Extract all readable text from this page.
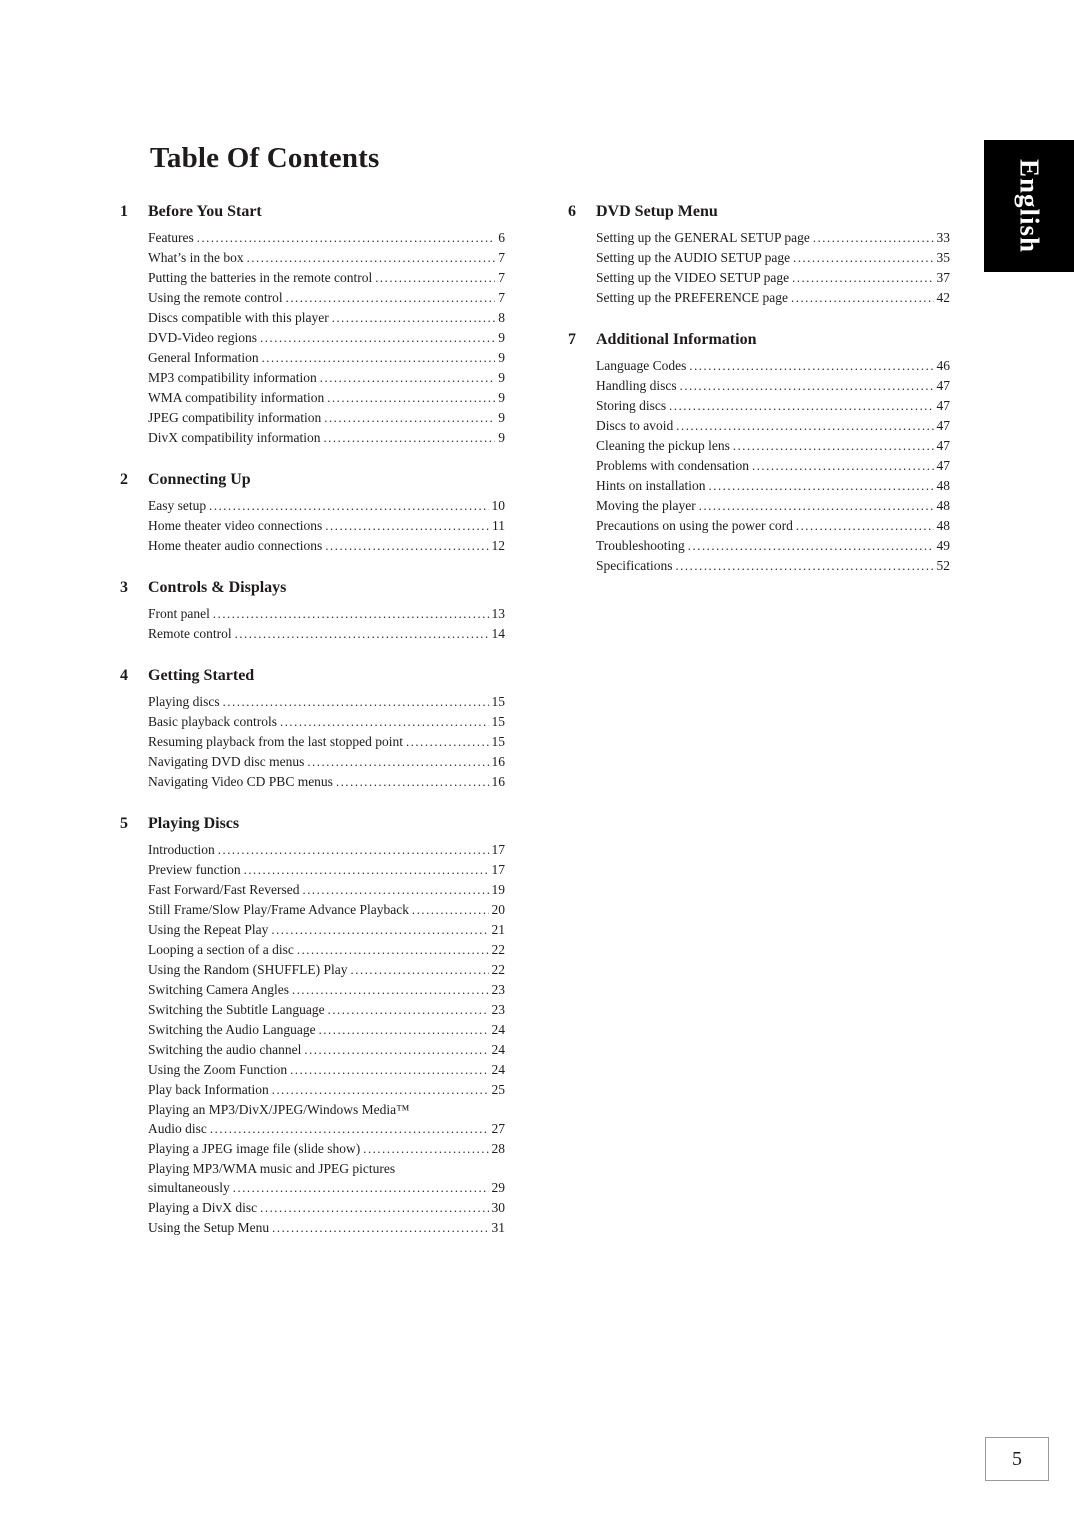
Table Of Contents
English
1	Before You Start
Features .....	6
What’s in the box .....	7
Putting the batteries in the remote control .....	7
Using the remote control .....	7
Discs compatible with this player .....	8
DVD-Video regions .....	9
General Information .....	9
MP3 compatibility information .....	9
WMA compatibility information .....	9
JPEG compatibility information .....	9
DivX compatibility information .....	9
2	Connecting Up
Easy setup .....	10
Home theater video connections .....	11
Home theater audio connections .....	12
3	Controls & Displays
Front panel .....	13
Remote control .....	14
4	Getting Started
Playing discs .....	15
Basic playback controls .....	15
Resuming playback from the last stopped point .....	15
Navigating DVD disc menus .....	16
Navigating Video CD PBC menus .....	16
5	Playing Discs
Introduction .....	17
Preview function .....	17
Fast Forward/Fast Reversed .....	19
Still Frame/Slow Play/Frame Advance Playback .....	20
Using the Repeat Play .....	21
Looping a section of a disc .....	22
Using the Random (SHUFFLE) Play .....	22
Switching Camera Angles .....	23
Switching the Subtitle Language .....	23
Switching the Audio Language .....	24
Switching the audio channel .....	24
Using the Zoom Function .....	24
Play back Information .....	25
Playing an MP3/DivX/JPEG/Windows Media™
Audio disc .....	27
Playing a JPEG image file (slide show) .....	28
Playing MP3/WMA music and JPEG pictures
simultaneously .....	29
Playing a DivX disc .....	30
Using the Setup Menu .....	31
6	DVD Setup Menu
Setting up the GENERAL SETUP page .....	33
Setting up the AUDIO SETUP page .....	35
Setting up the VIDEO SETUP page .....	37
Setting up the PREFERENCE page .....	42
7	Additional Information
Language Codes .....	46
Handling discs .....	47
Storing discs .....	47
Discs to avoid .....	47
Cleaning the pickup lens .....	47
Problems with condensation .....	47
Hints on installation .....	48
Moving the player .....	48
Precautions on using the power cord .....	48
Troubleshooting .....	49
Specifications .....	52
5
